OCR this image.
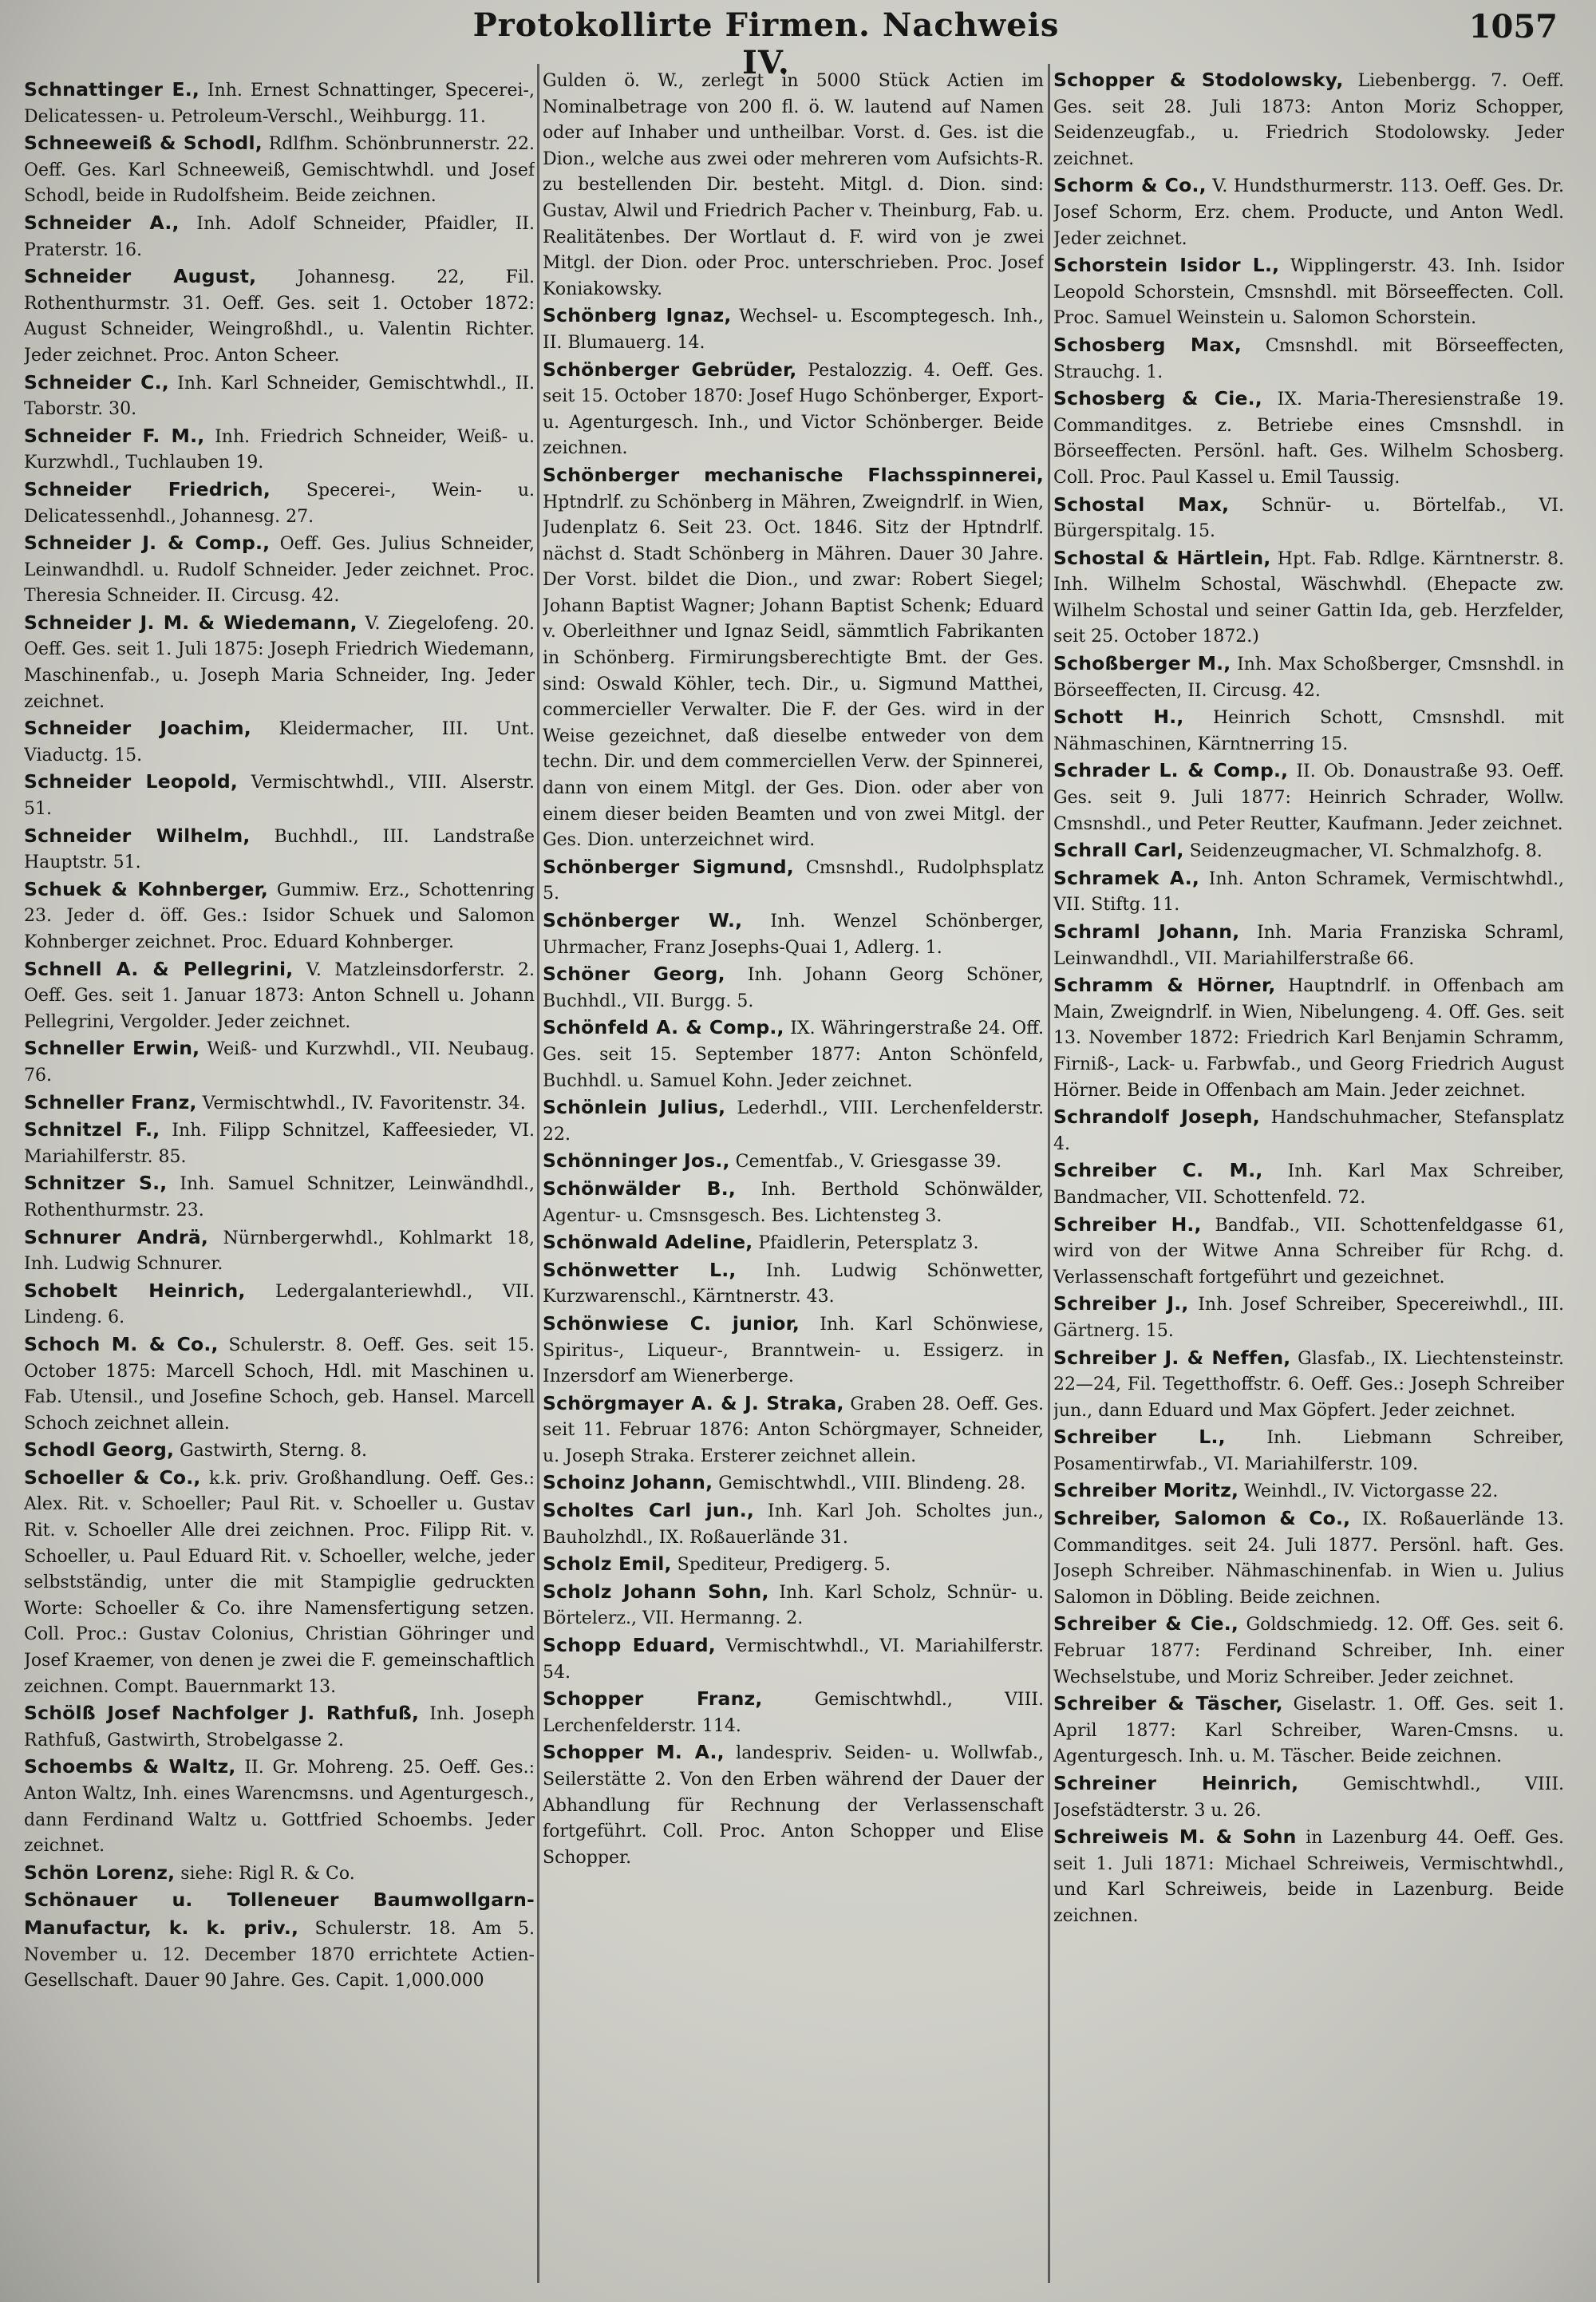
Protokollirte Firmen. Nachweis IV.
1057

Schnattinger E., Inh. Ernest Schnattinger, Specerei-, Delicatessen- u. Petroleum-Verschl., Weihburgg. 11.

Schneeweiß & Schodl, Rdlfhm. Schönbrunnerstr. 22. Oeff. Ges. Karl Schneeweiß, Gemischtwhdl. und Josef Schodl, beide in Rudolfsheim. Beide zeichnen.

Schneider A., Inh. Adolf Schneider, Pfaidler, II. Praterstr. 16.

Schneider August, Johannesg. 22, Fil. Rothenthurmstr. 31. Oeff. Ges. seit 1. October 1872: August Schneider, Weingroßhdl., u. Valentin Richter. Jeder zeichnet. Proc. Anton Scheer.

Schneider C., Inh. Karl Schneider, Gemischtwhdl., II. Taborstr. 30.

Schneider F. M., Inh. Friedrich Schneider, Weiß- u. Kurzwhdl., Tuchlauben 19.

Schneider Friedrich, Specerei-, Wein- u. Delicatessenhdl., Johannesg. 27.

Schneider J. & Comp., Oeff. Ges. Julius Schneider, Leinwandhdl. u. Rudolf Schneider. Jeder zeichnet. Proc. Theresia Schneider. II. Circusg. 42.

Schneider J. M. & Wiedemann, V. Ziegelofeng. 20. Oeff. Ges. seit 1. Juli 1875: Joseph Friedrich Wiedemann, Maschinenfab., u. Joseph Maria Schneider, Ing. Jeder zeichnet.

Schneider Joachim, Kleidermacher, III. Unt. Viaductg. 15.

Schneider Leopold, Vermischtwhdl., VIII. Alserstr. 51.

Schneider Wilhelm, Buchhdl., III. Landstraße Hauptstr. 51.

Schuek & Kohnberger, Gummiw. Erz., Schottenring 23. Jeder d. öff. Ges.: Isidor Schuek und Salomon Kohnberger zeichnet. Proc. Eduard Kohnberger.

Schnell A. & Pellegrini, V. Matzleinsdorferstr. 2. Oeff. Ges. seit 1. Januar 1873: Anton Schnell u. Johann Pellegrini, Vergolder. Jeder zeichnet.

Schneller Erwin, Weiß- und Kurzwhdl., VII. Neubaug. 76.

Schneller Franz, Vermischtwhdl., IV. Favoritenstr. 34.

Schnitzel F., Inh. Filipp Schnitzel, Kaffeesieder, VI. Mariahilferstr. 85.

Schnitzer S., Inh. Samuel Schnitzer, Leinwändhdl., Rothenthurmstr. 23.

Schnurer Andrä, Nürnbergerwhdl., Kohlmarkt 18, Inh. Ludwig Schnurer.

Schobelt Heinrich, Ledergalanteriewhdl., VII. Lindeng. 6.

Schoch M. & Co., Schulerstr. 8. Oeff. Ges. seit 15. October 1875: Marcell Schoch, Hdl. mit Maschinen u. Fab. Utensil., und Josefine Schoch, geb. Hansel. Marcell Schoch zeichnet allein.

Schodl Georg, Gastwirth, Sterng. 8.

Schoeller & Co., k.k. priv. Großhandlung. Oeff. Ges.: Alex. Rit. v. Schoeller; Paul Rit. v. Schoeller u. Gustav Rit. v. Schoeller Alle drei zeichnen. Proc. Filipp Rit. v. Schoeller, u. Paul Eduard Rit. v. Schoeller, welche, jeder selbstständig, unter die mit Stampiglie gedruckten Worte: Schoeller & Co. ihre Namensfertigung setzen. Coll. Proc.: Gustav Colonius, Christian Göhringer und Josef Kraemer, von denen je zwei die F. gemeinschaftlich zeichnen. Compt. Bauernmarkt 13.

Schölß Josef Nachfolger J. Rathfuß, Inh. Joseph Rathfuß, Gastwirth, Strobelgasse 2.

Schoembs & Waltz, II. Gr. Mohreng. 25. Oeff. Ges.: Anton Waltz, Inh. eines Warencmsns. und Agenturgesch., dann Ferdinand Waltz u. Gottfried Schoembs. Jeder zeichnet.

Schön Lorenz, siehe: Rigl R. & Co.

Schönauer u. Tolleneuer Baumwollgarn-Manufactur, k. k. priv., Schulerstr. 18. Am 5. November u. 12. December 1870 errichtete Actien-Gesellschaft. Dauer 90 Jahre. Ges. Capit. 1,000.000

Gulden ö. W., zerlegt in 5000 Stück Actien im Nominalbetrage von 200 fl. ö. W. lautend auf Namen oder auf Inhaber und untheilbar. Vorst. d. Ges. ist die Dion., welche aus zwei oder mehreren vom Aufsichts-R. zu bestellenden Dir. besteht. Mitgl. d. Dion. sind: Gustav, Alwil und Friedrich Pacher v. Theinburg, Fab. u. Realitätenbes. Der Wortlaut d. F. wird von je zwei Mitgl. der Dion. oder Proc. unterschrieben. Proc. Josef Koniakowsky.

Schönberg Ignaz, Wechsel- u. Escomptegesch. Inh., II. Blumauerg. 14.

Schönberger Gebrüder, Pestalozzig. 4. Oeff. Ges. seit 15. October 1870: Josef Hugo Schönberger, Export- u. Agenturgesch. Inh., und Victor Schönberger. Beide zeichnen.

Schönberger mechanische Flachsspinnerei, Hptndrlf. zu Schönberg in Mähren, Zweigndrlf. in Wien, Judenplatz 6. Seit 23. Oct. 1846. Sitz der Hptndrlf. nächst d. Stadt Schönberg in Mähren. Dauer 30 Jahre. Der Vorst. bildet die Dion., und zwar: Robert Siegel; Johann Baptist Wagner; Johann Baptist Schenk; Eduard v. Oberleithner und Ignaz Seidl, sämmtlich Fabrikanten in Schönberg. Firmirungsberechtigte Bmt. der Ges. sind: Oswald Köhler, tech. Dir., u. Sigmund Matthei, commercieller Verwalter. Die F. der Ges. wird in der Weise gezeichnet, daß dieselbe entweder von dem techn. Dir. und dem commerciellen Verw. der Spinnerei, dann von einem Mitgl. der Ges. Dion. oder aber von einem dieser beiden Beamten und von zwei Mitgl. der Ges. Dion. unterzeichnet wird.

Schönberger Sigmund, Cmsnshdl., Rudolphsplatz 5.

Schönberger W., Inh. Wenzel Schönberger, Uhrmacher, Franz Josephs-Quai 1, Adlerg. 1.

Schöner Georg, Inh. Johann Georg Schöner, Buchhdl., VII. Burgg. 5.

Schönfeld A. & Comp., IX. Währingerstraße 24. Off. Ges. seit 15. September 1877: Anton Schönfeld, Buchhdl. u. Samuel Kohn. Jeder zeichnet.

Schönlein Julius, Lederhdl., VIII. Lerchenfelderstr. 22.

Schönninger Jos., Cementfab., V. Griesgasse 39.

Schönwälder B., Inh. Berthold Schönwälder, Agentur- u. Cmsnsgesch. Bes. Lichtensteg 3.

Schönwald Adeline, Pfaidlerin, Petersplatz 3.

Schönwetter L., Inh. Ludwig Schönwetter, Kurzwarenschl., Kärntnerstr. 43.

Schönwiese C. junior, Inh. Karl Schönwiese, Spiritus-, Liqueur-, Branntwein- u. Essigerz. in Inzersdorf am Wienerberge.

Schörgmayer A. & J. Straka, Graben 28. Oeff. Ges. seit 11. Februar 1876: Anton Schörgmayer, Schneider, u. Joseph Straka. Ersterer zeichnet allein.

Schoinz Johann, Gemischtwhdl., VIII. Blindeng. 28.

Scholtes Carl jun., Inh. Karl Joh. Scholtes jun., Bauholzhdl., IX. Roßauerlände 31.

Scholz Emil, Spediteur, Predigerg. 5.

Scholz Johann Sohn, Inh. Karl Scholz, Schnür- u. Börtelerz., VII. Hermanng. 2.

Schopp Eduard, Vermischtwhdl., VI. Mariahilferstr. 54.

Schopper Franz, Gemischtwhdl., VIII. Lerchenfelderstr. 114.

Schopper M. A., landespriv. Seiden- u. Wollwfab., Seilerstätte 2. Von den Erben während der Dauer der Abhandlung für Rechnung der Verlassenschaft fortgeführt. Coll. Proc. Anton Schopper und Elise Schopper.

Schopper & Stodolowsky, Liebenbergg. 7. Oeff. Ges. seit 28. Juli 1873: Anton Moriz Schopper, Seidenzeugfab., u. Friedrich Stodolowsky. Jeder zeichnet.

Schorm & Co., V. Hundsthurmerstr. 113. Oeff. Ges. Dr. Josef Schorm, Erz. chem. Producte, und Anton Wedl. Jeder zeichnet.

Schorstein Isidor L., Wipplingerstr. 43. Inh. Isidor Leopold Schorstein, Cmsnshdl. mit Börseeffecten. Coll. Proc. Samuel Weinstein u. Salomon Schorstein.

Schosberg Max, Cmsnshdl. mit Börseeffecten, Strauchg. 1.

Schosberg & Cie., IX. Maria-Theresienstraße 19. Commanditges. z. Betriebe eines Cmsnshdl. in Börseeffecten. Persönl. haft. Ges. Wilhelm Schosberg. Coll. Proc. Paul Kassel u. Emil Taussig.

Schostal Max, Schnür- u. Börtelfab., VI. Bürgerspitalg. 15.

Schostal & Härtlein, Hpt. Fab. Rdlge. Kärntnerstr. 8. Inh. Wilhelm Schostal, Wäschwhdl. (Ehepacte zw. Wilhelm Schostal und seiner Gattin Ida, geb. Herzfelder, seit 25. October 1872.)

Schoßberger M., Inh. Max Schoßberger, Cmsnshdl. in Börseeffecten, II. Circusg. 42.

Schott H., Heinrich Schott, Cmsnshdl. mit Nähmaschinen, Kärntnerring 15.

Schrader L. & Comp., II. Ob. Donaustraße 93. Oeff. Ges. seit 9. Juli 1877: Heinrich Schrader, Wollw. Cmsnshdl., und Peter Reutter, Kaufmann. Jeder zeichnet.

Schrall Carl, Seidenzeugmacher, VI. Schmalzhofg. 8.

Schramek A., Inh. Anton Schramek, Vermischtwhdl., VII. Stiftg. 11.

Schraml Johann, Inh. Maria Franziska Schraml, Leinwandhdl., VII. Mariahilferstraße 66.

Schramm & Hörner, Hauptndrlf. in Offenbach am Main, Zweigndrlf. in Wien, Nibelungeng. 4. Off. Ges. seit 13. November 1872: Friedrich Karl Benjamin Schramm, Firniß-, Lack- u. Farbwfab., und Georg Friedrich August Hörner. Beide in Offenbach am Main. Jeder zeichnet.

Schrandolf Joseph, Handschuhmacher, Stefansplatz 4.

Schreiber C. M., Inh. Karl Max Schreiber, Bandmacher, VII. Schottenfeld. 72.

Schreiber H., Bandfab., VII. Schottenfeldgasse 61, wird von der Witwe Anna Schreiber für Rchg. d. Verlassenschaft fortgeführt und gezeichnet.

Schreiber J., Inh. Josef Schreiber, Specereiwhdl., III. Gärtnerg. 15.

Schreiber J. & Neffen, Glasfab., IX. Liechtensteinstr. 22—24, Fil. Tegetthoffstr. 6. Oeff. Ges.: Joseph Schreiber jun., dann Eduard und Max Göpfert. Jeder zeichnet.

Schreiber L., Inh. Liebmann Schreiber, Posamentirwfab., VI. Mariahilferstr. 109.

Schreiber Moritz, Weinhdl., IV. Victorgasse 22.

Schreiber, Salomon & Co., IX. Roßauerlände 13. Commanditges. seit 24. Juli 1877. Persönl. haft. Ges. Joseph Schreiber. Nähmaschinenfab. in Wien u. Julius Salomon in Döbling. Beide zeichnen.

Schreiber & Cie., Goldschmiedg. 12. Off. Ges. seit 6. Februar 1877: Ferdinand Schreiber, Inh. einer Wechselstube, und Moriz Schreiber. Jeder zeichnet.

Schreiber & Täscher, Giselastr. 1. Off. Ges. seit 1. April 1877: Karl Schreiber, Waren-Cmsns. u. Agenturgesch. Inh. u. M. Täscher. Beide zeichnen.

Schreiner Heinrich, Gemischtwhdl., VIII. Josefstädterstr. 3 u. 26.

Schreiweis M. & Sohn in Lazenburg 44. Oeff. Ges. seit 1. Juli 1871: Michael Schreiweis, Vermischtwhdl., und Karl Schreiweis, beide in Lazenburg. Beide zeichnen.
